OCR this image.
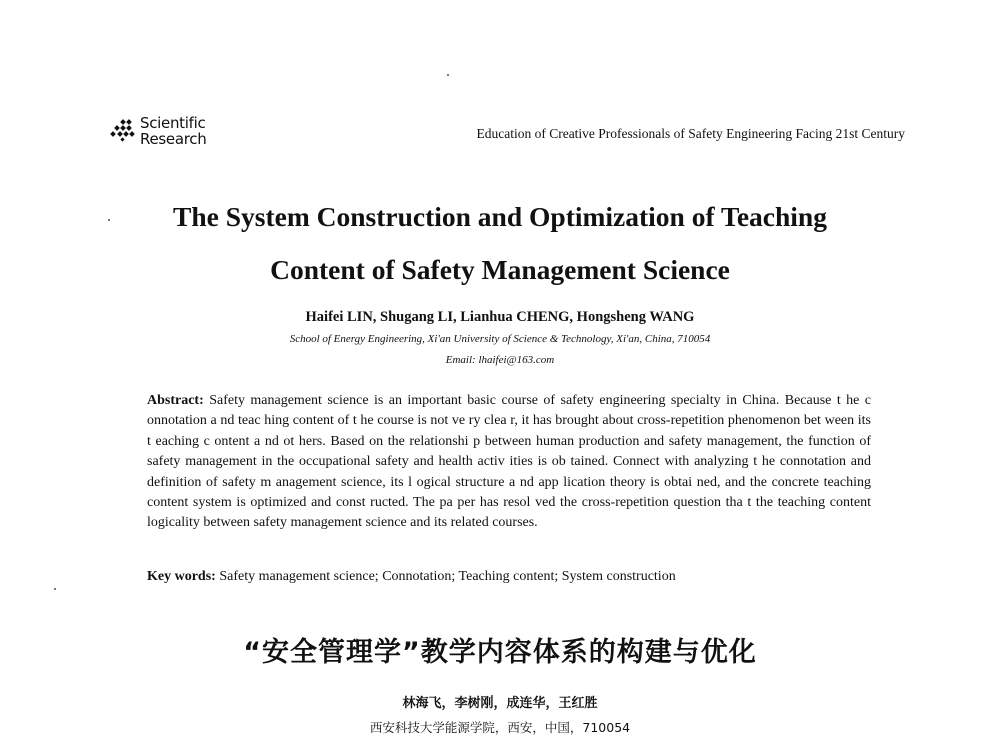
Scientific
Research	Education of Creative Professionals of Safety Engineering Facing 21st Century
The System Construction and Optimization of Teaching
Content of Safety Management Science
Haifei LIN, Shugang LI, Lianhua CHENG, Hongsheng WANG
School of Energy Engineering, Xi'an University of Science & Technology, Xi'an, China, 710054
Email: lhaifei@163.com
Abstract: Safety management science is an important basic course of safety engineering specialty in China. Because t he c onnotation a nd teac hing content of t he course is not ve ry clea r, it has brought about cross-repetition phenomenon bet ween its t eaching c ontent a nd ot hers. Based on the relationshi p between human production and safety management, the function of safety management in the occupational safety and health activ ities is ob tained. Connect with analyzing t he connotation and definition of safety m anagement science, its l ogical structure a nd app lication theory is obtai ned, and the concrete teaching content system is optimized and const ructed. The pa per has resol ved the cross-repetition question tha t the teaching content logicality between safety management science and its related courses.
Key words: Safety management science; Connotation; Teaching content; System construction
“安全管理学”教学内容体系的构建与优化
林海飞，李树刚，成连华，王红胜
西安科技大学能源学院，西安，中国，710054
